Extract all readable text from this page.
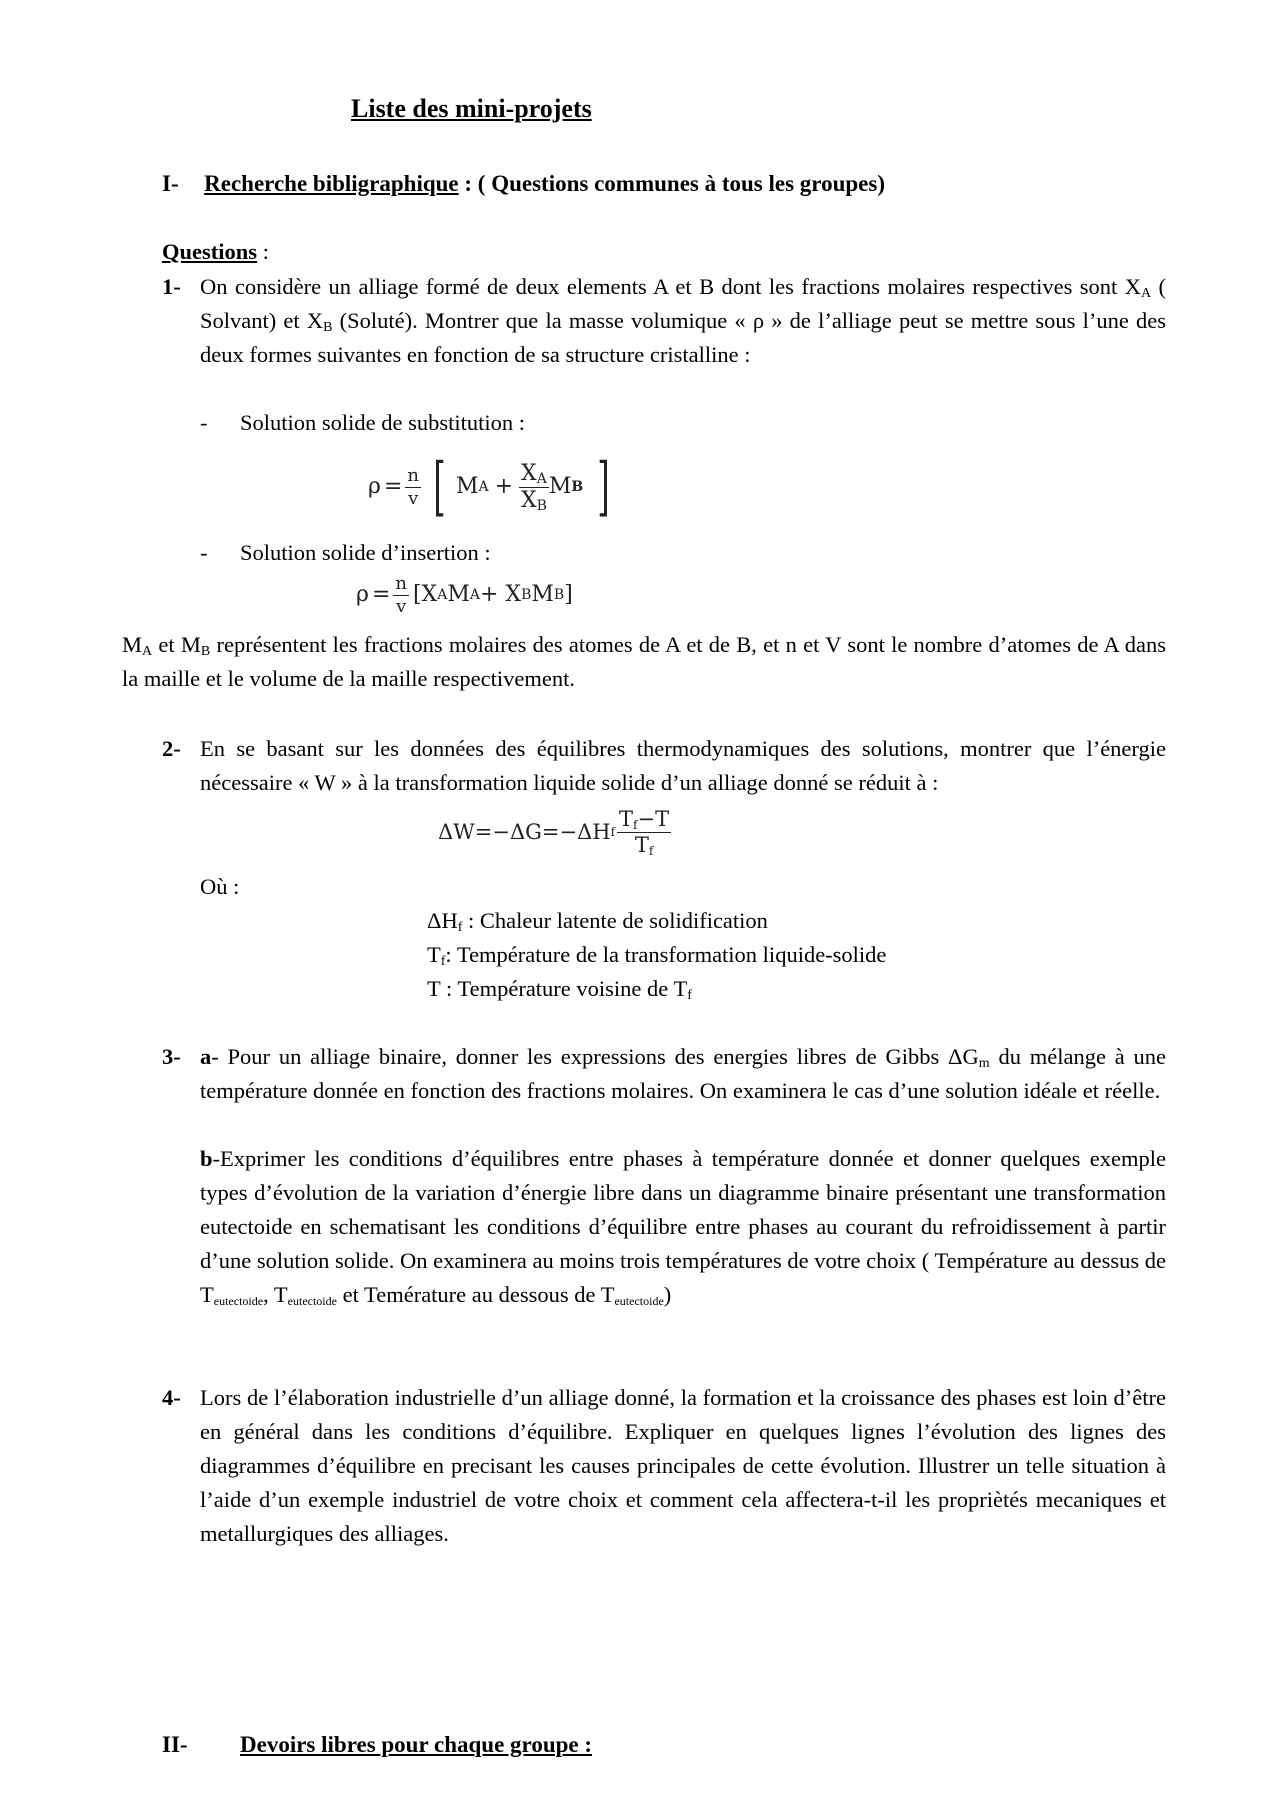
Liste des mini-projets
I- Recherche bibligraphique : ( Questions communes à tous les groupes)
Questions :
1- On considère un alliage formé de deux elements A et B dont les fractions molaires respectives sont $X_A$ ( Solvant) et $X_B$ (Soluté). Montrer que la masse volumique « ρ » de l’alliage peut se mettre sous l’une des deux formes suivantes en fonction de sa structure cristalline :
- Solution solide de substitution :
$\rho = \frac{n}{v}$ [ M $A + \frac{X_A}{X_B}$ M B ]
- Solution solide d’insertion :
$\rho = \frac{n}{v} [X$ A M A + X B M B ]
$M_A$ et $M_B$ représentent les fractions molaires des atomes de A et de B, et n et V sont le nombre d’atomes de A dans la maille et le volume de la maille respectivement.
2- En se basant sur les données des équilibres thermodynamiques des solutions, montrer que l’énergie nécessaire « W » à la transformation liquide solide d’un alliage donné se réduit à :
ΔW=−ΔG=−ΔH f $\frac{T_f-T}{T_f}$
Où :
$\Delta H_f$ : Chaleur latente de solidification
$T_f$: Température de la transformation liquide-solide
T : Température voisine de $T_f$
3- a- Pour un alliage binaire, donner les expressions des energies libres de Gibbs $\Delta G_m$ du mélange à une température donnée en fonction des fractions molaires. On examinera le cas d’une solution idéale et réelle.
b-Exprimer les conditions d’équilibres entre phases à température donnée et donner quelques exemple types d’évolution de la variation d’énergie libre dans un diagramme binaire présentant une transformation eutectoide en schematisant les conditions d’équilibre entre phases au courant du refroidissement à partir d’une solution solide. On examinera au moins trois températures de votre choix ( Température au dessus de $T_{eutectoide}$, $T_{eutectoide}$ et Temérature au dessous de $T_{eutectoide}$)
4- Lors de l’élaboration industrielle d’un alliage donné, la formation et la croissance des phases est loin d’être en général dans les conditions d’équilibre. Expliquer en quelques lignes l’évolution des lignes des diagrammes d’équilibre en precisant les causes principales de cette évolution. Illustrer un telle situation à l’aide d’un exemple industriel de votre choix et comment cela affectera-t-il les propriètés mecaniques et metallurgiques des alliages.
II- Devoirs libres pour chaque groupe :
